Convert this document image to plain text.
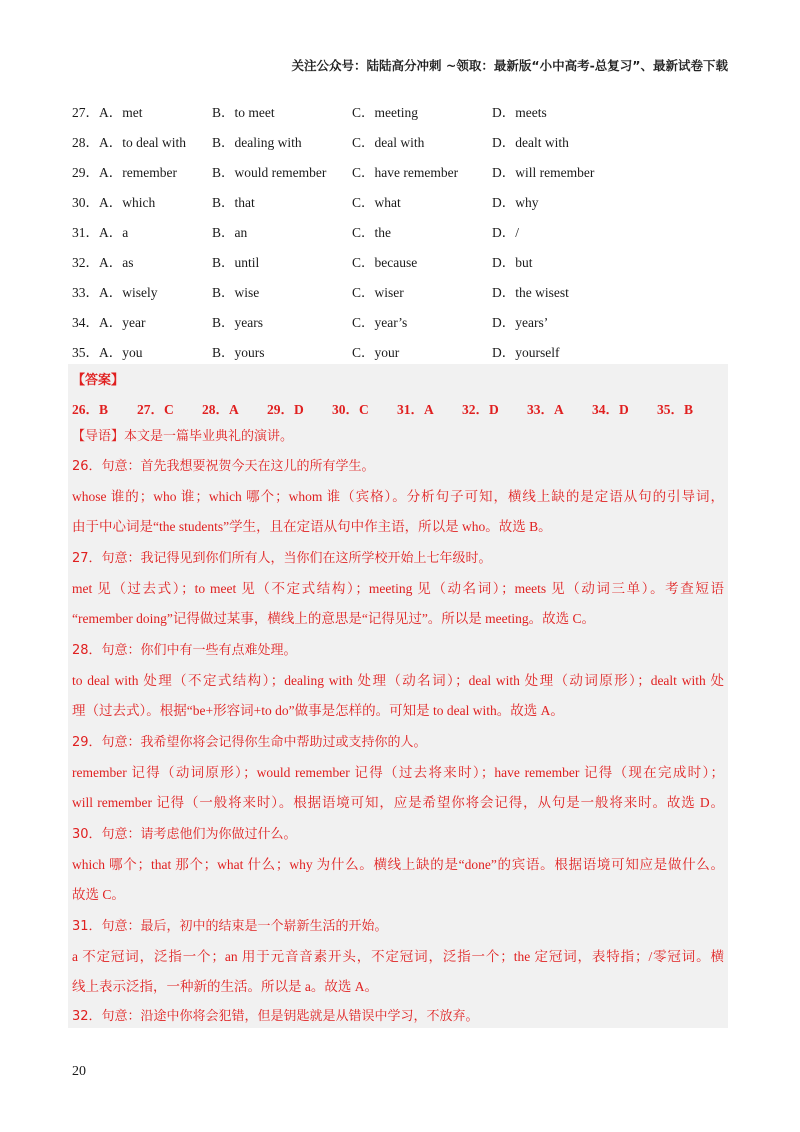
关注公众号：陆陆高分冲刺 ~领取：最新版“小中高考-总复习”、最新试卷下载
27．A．met	B．to meet	C．meeting	D．meets
28．A．to deal with	B．dealing with	C．deal with	D．dealt with
29．A．remember	B．would remember	C．have remember	D．will remember
30．A．which	B．that	C．what	D．why
31．A．a	B．an	C．the	D．/
32．A．as	B．until	C．because	D．but
33．A．wisely	B．wise	C．wiser	D．the wisest
34．A．year	B．years	C．year’s	D．years’
35．A．you	B．yours	C．your	D．yourself
【答案】
26．B	27．C	28．A	29．D	30．C	31．A	32．D	33．A	34．D	35．B
【导语】本文是一篇毕业典礼的演讲。
26．句意：首先我想要祝贺今天在这儿的所有学生。
whose 谁的；who 谁；which 哪个；whom 谁（宾格）。分析句子可知，横线上缺的是定语从句的引导词，
由于中心词是“the students”学生，且在定语从句中作主语，所以是 who。故选 B。
27．句意：我记得见到你们所有人，当你们在这所学校开始上七年级时。
met 见（过去式）；to meet 见（不定式结构）；meeting 见（动名词）；meets 见（动词三单）。考查短语
“remember doing”记得做过某事，横线上的意思是“记得见过”。所以是 meeting。故选 C。
28．句意：你们中有一些有点难处理。
to deal with 处理（不定式结构）；dealing with 处理（动名词）；deal with 处理（动词原形）；dealt with 处
理（过去式）。根据“be+形容词+to do”做事是怎样的。可知是 to deal with。故选 A。
29．句意：我希望你将会记得你生命中帮助过或支持你的人。
remember 记得（动词原形）；would remember 记得（过去将来时）；have remember 记得（现在完成时）；
will remember 记得（一般将来时）。根据语境可知，应是希望你将会记得，从句是一般将来时。故选 D。
30．句意：请考虑他们为你做过什么。
which 哪个；that 那个；what 什么；why 为什么。横线上缺的是“done”的宾语。根据语境可知应是做什么。
故选 C。
31．句意：最后，初中的结束是一个崭新生活的开始。
a 不定冠词，泛指一个；an 用于元音音素开头，不定冠词，泛指一个；the 定冠词，表特指；/零冠词。横
线上表示泛指，一种新的生活。所以是 a。故选 A。
32．句意：沿途中你将会犯错，但是钥匙就是从错误中学习，不放弃。
20
